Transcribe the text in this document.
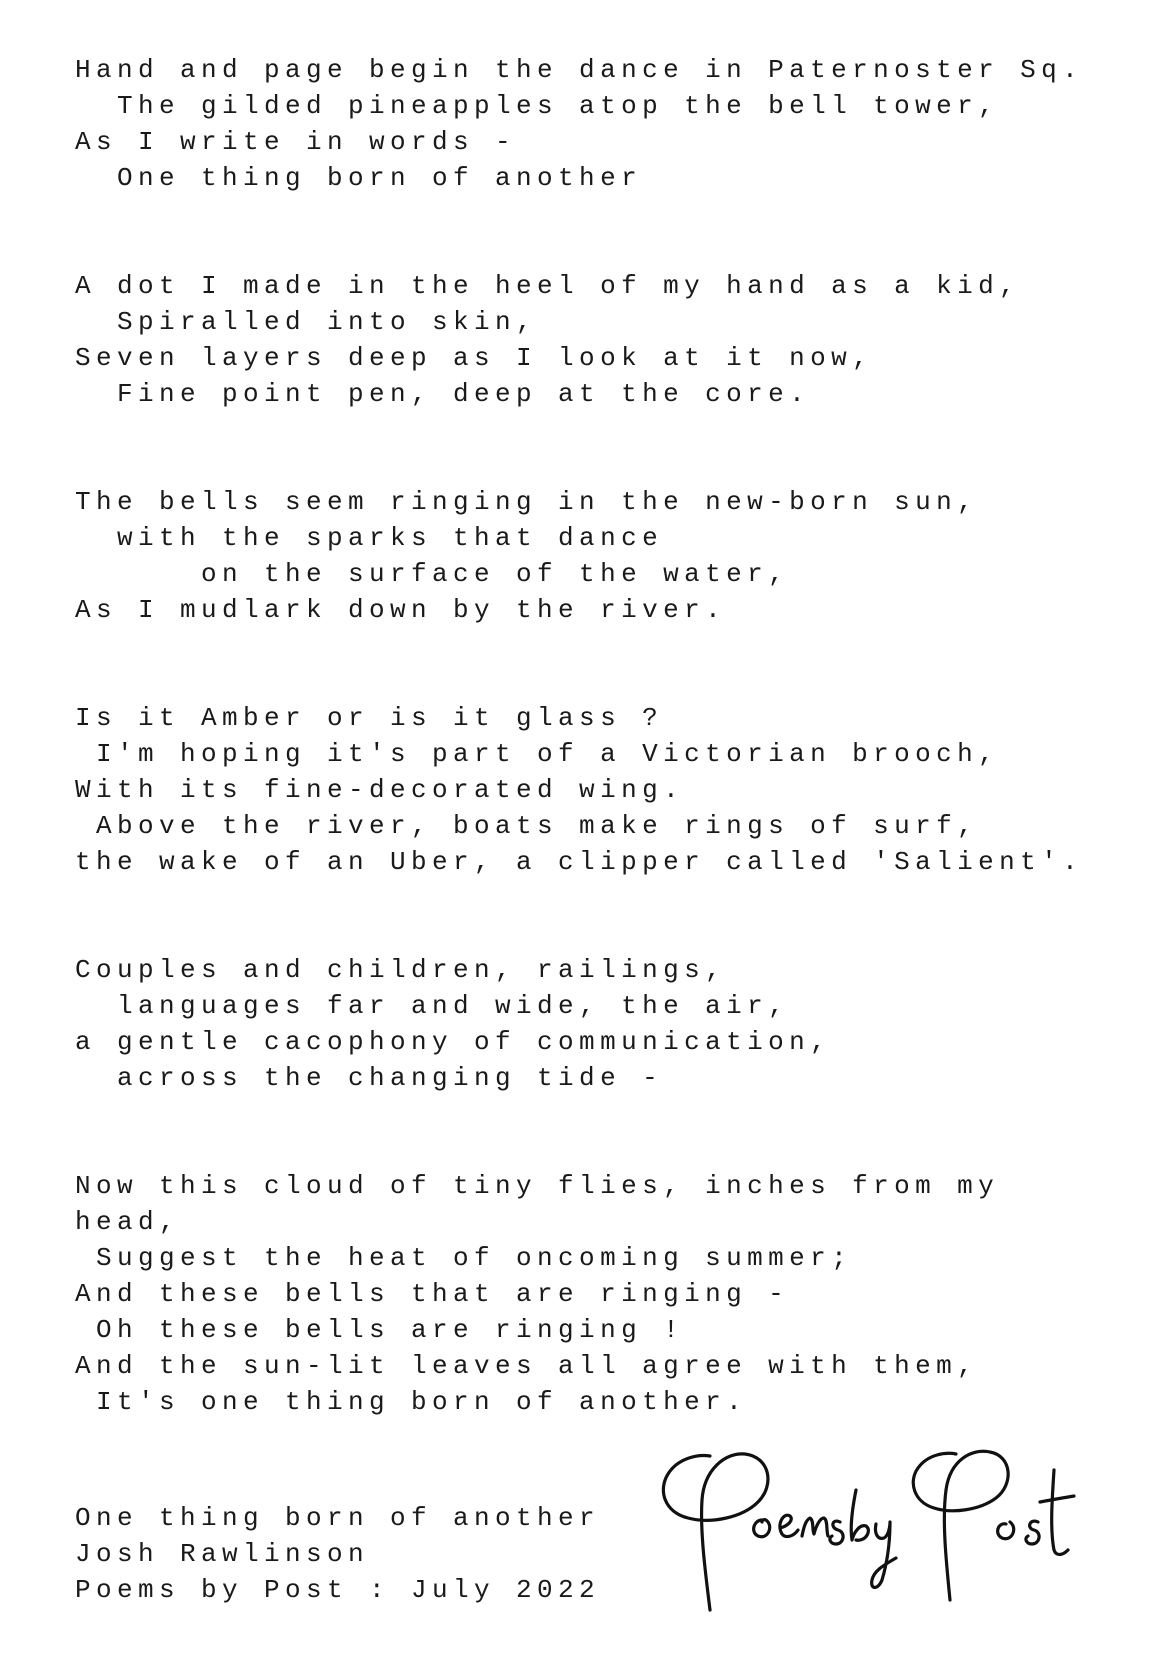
Hand and page begin the dance in Paternoster Sq.
The gilded pineapples atop the bell tower,
As I write in words -
One thing born of another
A dot I made in the heel of my hand as a kid,
Spiralled into skin,
Seven layers deep as I look at it now,
Fine point pen, deep at the core.
The bells seem ringing in the new-born sun,
with the sparks that dance
on the surface of the water,
As I mudlark down by the river.
Is it Amber or is it glass ?
I'm hoping it's part of a Victorian brooch,
With its fine-decorated wing.
Above the river, boats make rings of surf,
the wake of an Uber, a clipper called 'Salient'.
Couples and children, railings,
languages far and wide, the air,
a gentle cacophony of communication,
across the changing tide -
Now this cloud of tiny flies, inches from my
head,
Suggest the heat of oncoming summer;
And these bells that are ringing -
Oh these bells are ringing !
And the sun-lit leaves all agree with them,
It's one thing born of another.
One thing born of another
Josh Rawlinson
Poems by Post : July 2022
